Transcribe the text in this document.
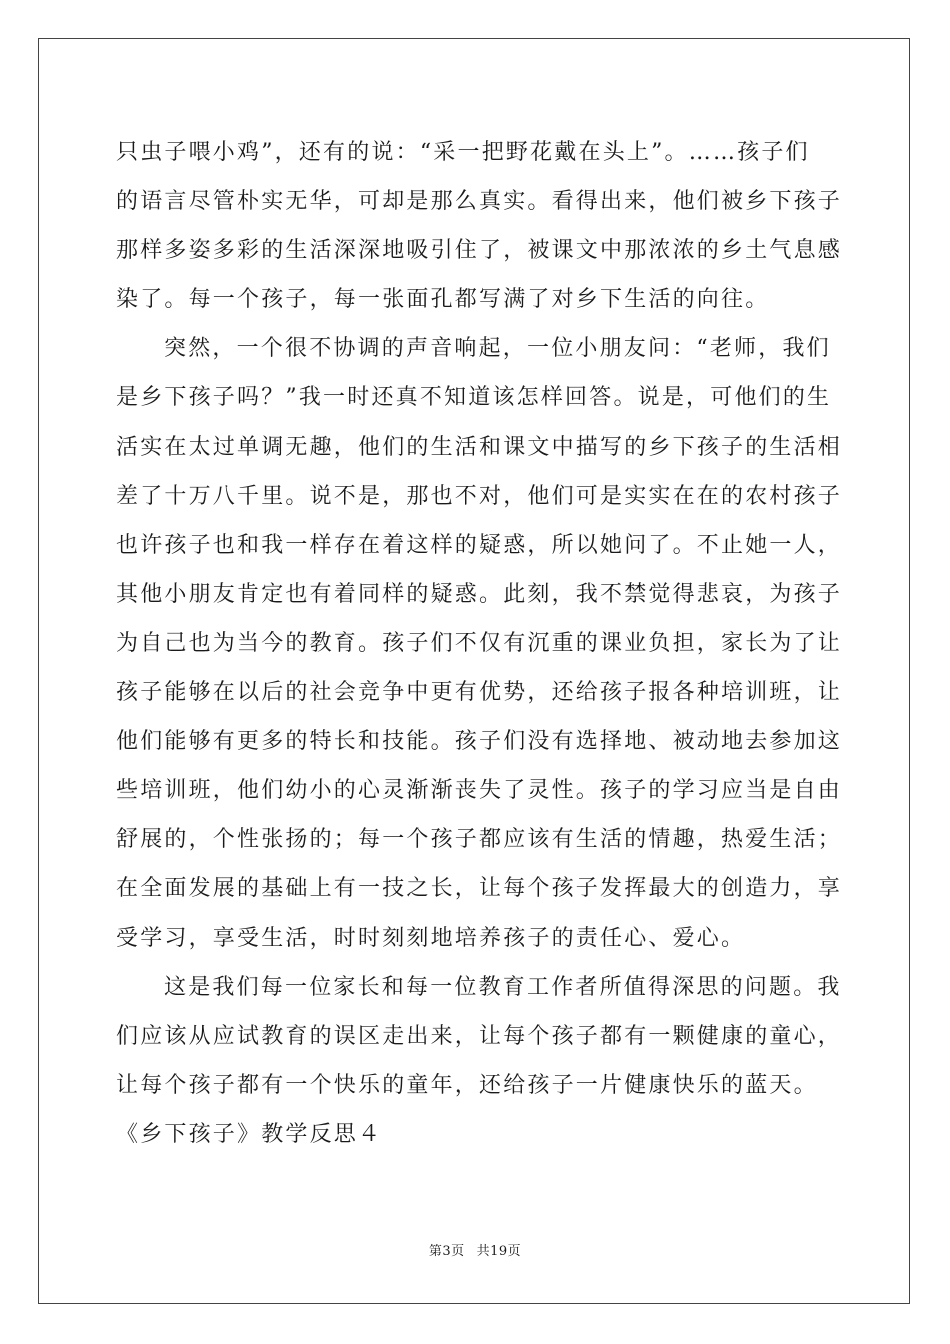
只虫子喂小鸡”，还有的说：“采一把野花戴在头上”。……孩子们
的语言尽管朴实无华，可却是那么真实。看得出来，他们被乡下孩子
那样多姿多彩的生活深深地吸引住了，被课文中那浓浓的乡土气息感
染了。每一个孩子，每一张面孔都写满了对乡下生活的向往。
突然，一个很不协调的声音响起，一位小朋友问：“老师，我们
是乡下孩子吗？”我一时还真不知道该怎样回答。说是，可他们的生
活实在太过单调无趣，他们的生活和课文中描写的乡下孩子的生活相
差了十万八千里。说不是，那也不对，他们可是实实在在的农村孩子
也许孩子也和我一样存在着这样的疑惑，所以她问了。不止她一人，
其他小朋友肯定也有着同样的疑惑。此刻，我不禁觉得悲哀，为孩子
为自己也为当今的教育。孩子们不仅有沉重的课业负担，家长为了让
孩子能够在以后的社会竞争中更有优势，还给孩子报各种培训班，让
他们能够有更多的特长和技能。孩子们没有选择地、被动地去参加这
些培训班，他们幼小的心灵渐渐丧失了灵性。孩子的学习应当是自由
舒展的，个性张扬的；每一个孩子都应该有生活的情趣，热爱生活；
在全面发展的基础上有一技之长，让每个孩子发挥最大的创造力，享
受学习，享受生活，时时刻刻地培养孩子的责任心、爱心。
这是我们每一位家长和每一位教育工作者所值得深思的问题。我
们应该从应试教育的误区走出来，让每个孩子都有一颗健康的童心，
让每个孩子都有一个快乐的童年，还给孩子一片健康快乐的蓝天。
《乡下孩子》教学反思４
第3页 共19页
